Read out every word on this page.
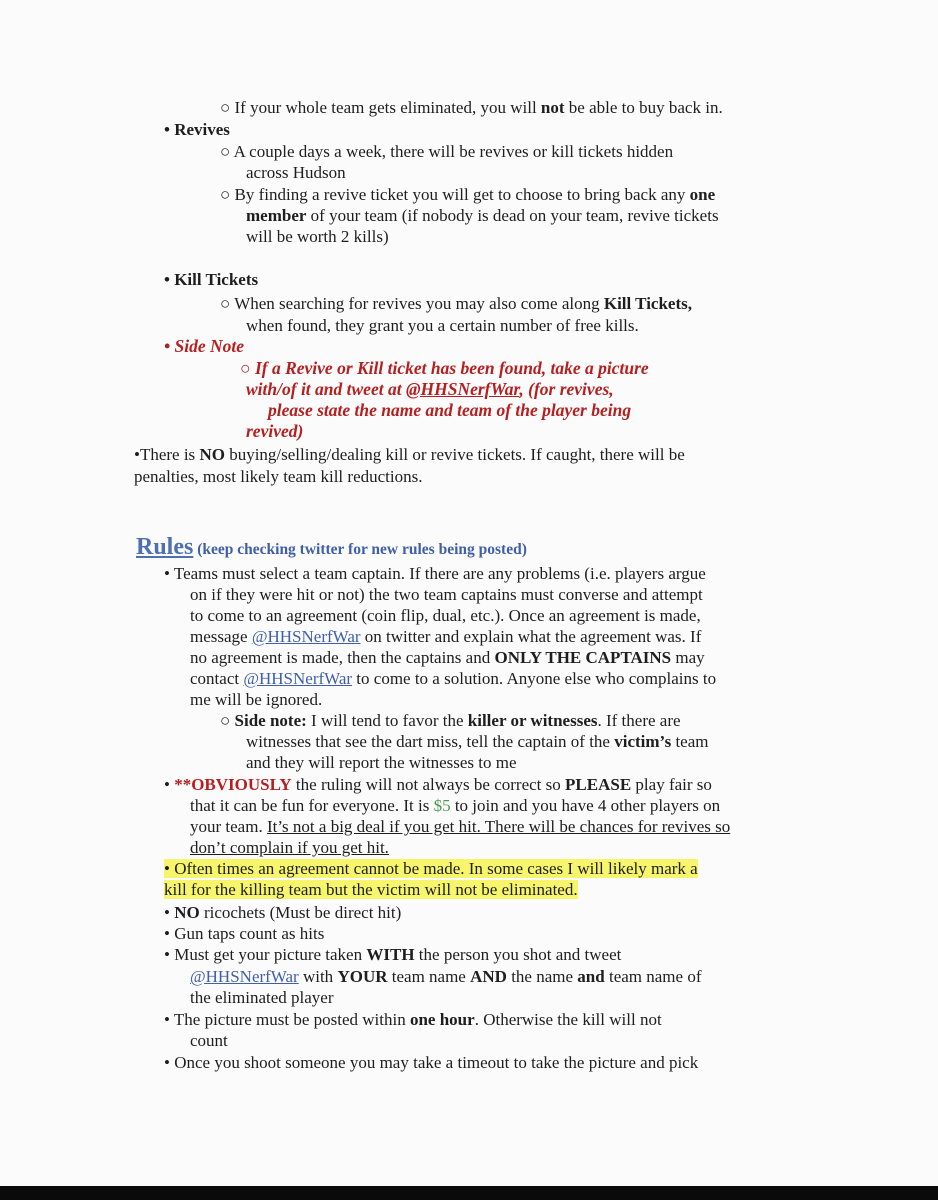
○ If your whole team gets eliminated, you will not be able to buy back in.
• Revives
○ A couple days a week, there will be revives or kill tickets hidden
across Hudson
○ By finding a revive ticket you will get to choose to bring back any one
member of your team (if nobody is dead on your team, revive tickets
will be worth 2 kills)
• Kill Tickets
○ When searching for revives you may also come along Kill Tickets,
when found, they grant you a certain number of free kills.
• Side Note
○ If a Revive or Kill ticket has been found, take a picture
with/of it and tweet at @HHSNerfWar, (for revives,
please state the name and team of the player being
revived)
•There is NO buying/selling/dealing kill or revive tickets. If caught, there will be
penalties, most likely team kill reductions.
Rules (keep checking twitter for new rules being posted)
• Teams must select a team captain. If there are any problems (i.e. players argue
on if they were hit or not) the two team captains must converse and attempt
to come to an agreement (coin flip, dual, etc.). Once an agreement is made,
message @HHSNerfWar on twitter and explain what the agreement was. If
no agreement is made, then the captains and ONLY THE CAPTAINS may
contact @HHSNerfWar to come to a solution. Anyone else who complains to
me will be ignored.
○ Side note: I will tend to favor the killer or witnesses. If there are
witnesses that see the dart miss, tell the captain of the victim’s team
and they will report the witnesses to me
• **OBVIOUSLY the ruling will not always be correct so PLEASE play fair so
that it can be fun for everyone. It is $5 to join and you have 4 other players on
your team. It’s not a big deal if you get hit. There will be chances for revives so
don’t complain if you get hit.
• Often times an agreement cannot be made. In some cases I will likely mark a
kill for the killing team but the victim will not be eliminated.
• NO ricochets (Must be direct hit)
• Gun taps count as hits
• Must get your picture taken WITH the person you shot and tweet
@HHSNerfWar with YOUR team name AND the name and team name of
the eliminated player
• The picture must be posted within one hour. Otherwise the kill will not
count
• Once you shoot someone you may take a timeout to take the picture and pick
